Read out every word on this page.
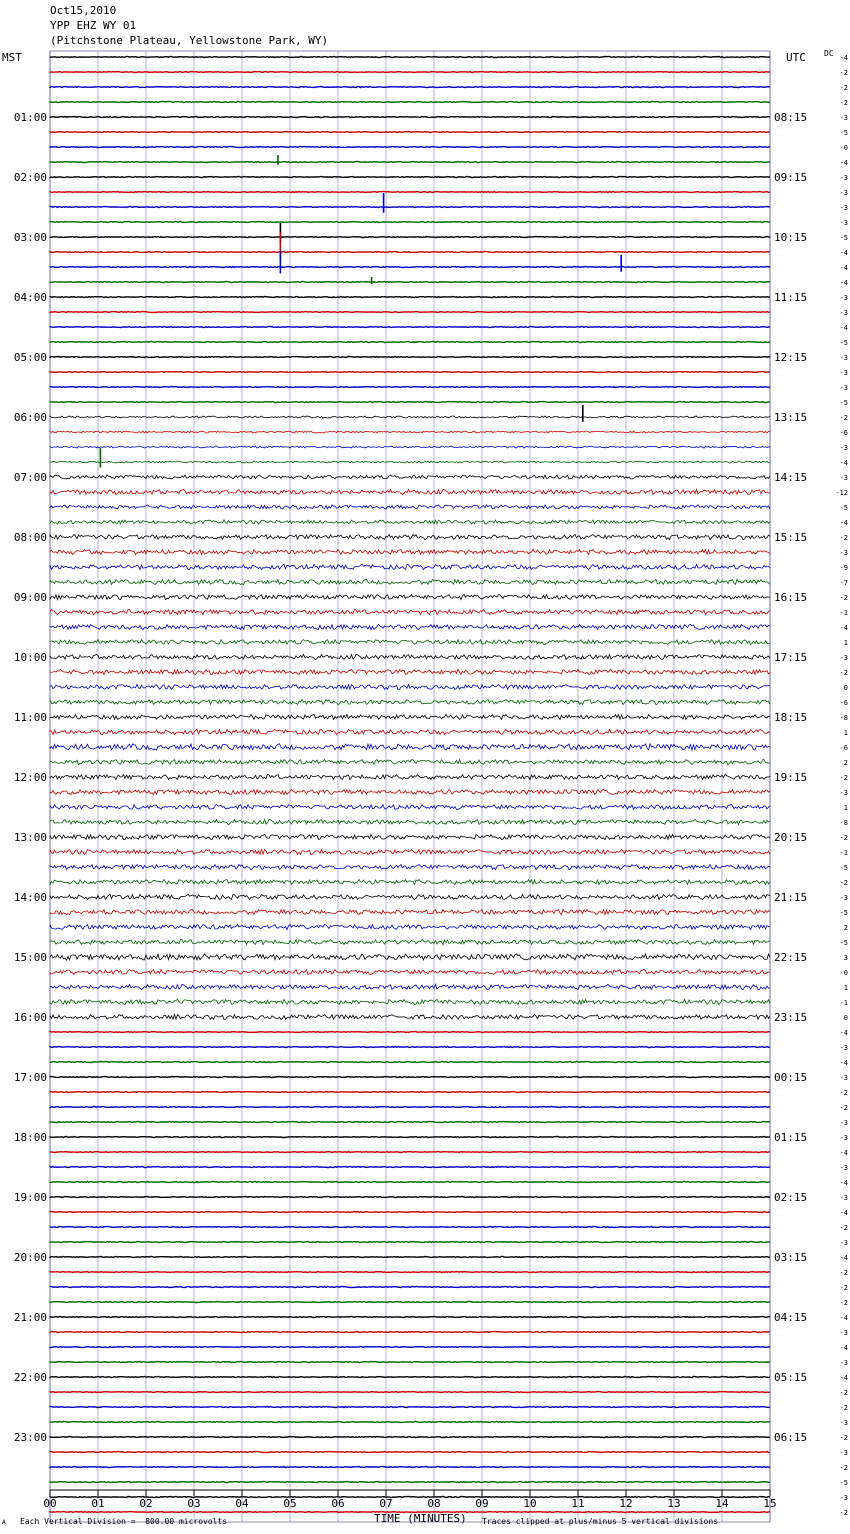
Oct15,2010
YPP EHZ WY 01
(Pitchstone Plateau, Yellowstone Park, WY)
MST	UTC DC -4
-2
-2
-2
-3
-5
-0
-4
-3
-3
-3
-3
-5
-4
-4
-4
-3
-3
-4
-5
-3
-3
-3
-5
-2
-6
-3
-4
-3
-12
-5
-4
-2
-3
-9
-7
-2
-1
-4
1
-3
-2
0
-6
-8
1
-6
2
-2
-3
1
-8
-2
-1
-5
-2
-3
-5
2
-5
3
-0
1
-1
0
-4
-3
-4
-3
-2
-2
-3
-3
-4
-3
-4
-3
-4
-2
-3
-4
-2
-2
-2
-4
-3
-4
-3
-4
-2
-2
-3
-2
-3
-2
-5
-3
-2
01:00
02:00
03:00
04:00
05:00
06:00
07:00
08:00
09:00
10:00
11:00
12:00
13:00
14:00
15:00
16:00
17:00
18:00
19:00
20:00
21:00
22:00
23:00
08:15
09:15
10:15
11:15
12:15
13:15
14:15
15:15
16:15
17:15
18:15
19:15
20:15
21:15
22:15
23:15
00:15
01:15
02:15
03:15
04:15
05:15
06:15
00	01	02	03	04	05	06	07	08	09	10	11	12	13	14	15
TIME (MINUTES)
Each Vertical Division =  800.00 microvolts	Traces clipped at plus/minus 5 vertical divisions
A
